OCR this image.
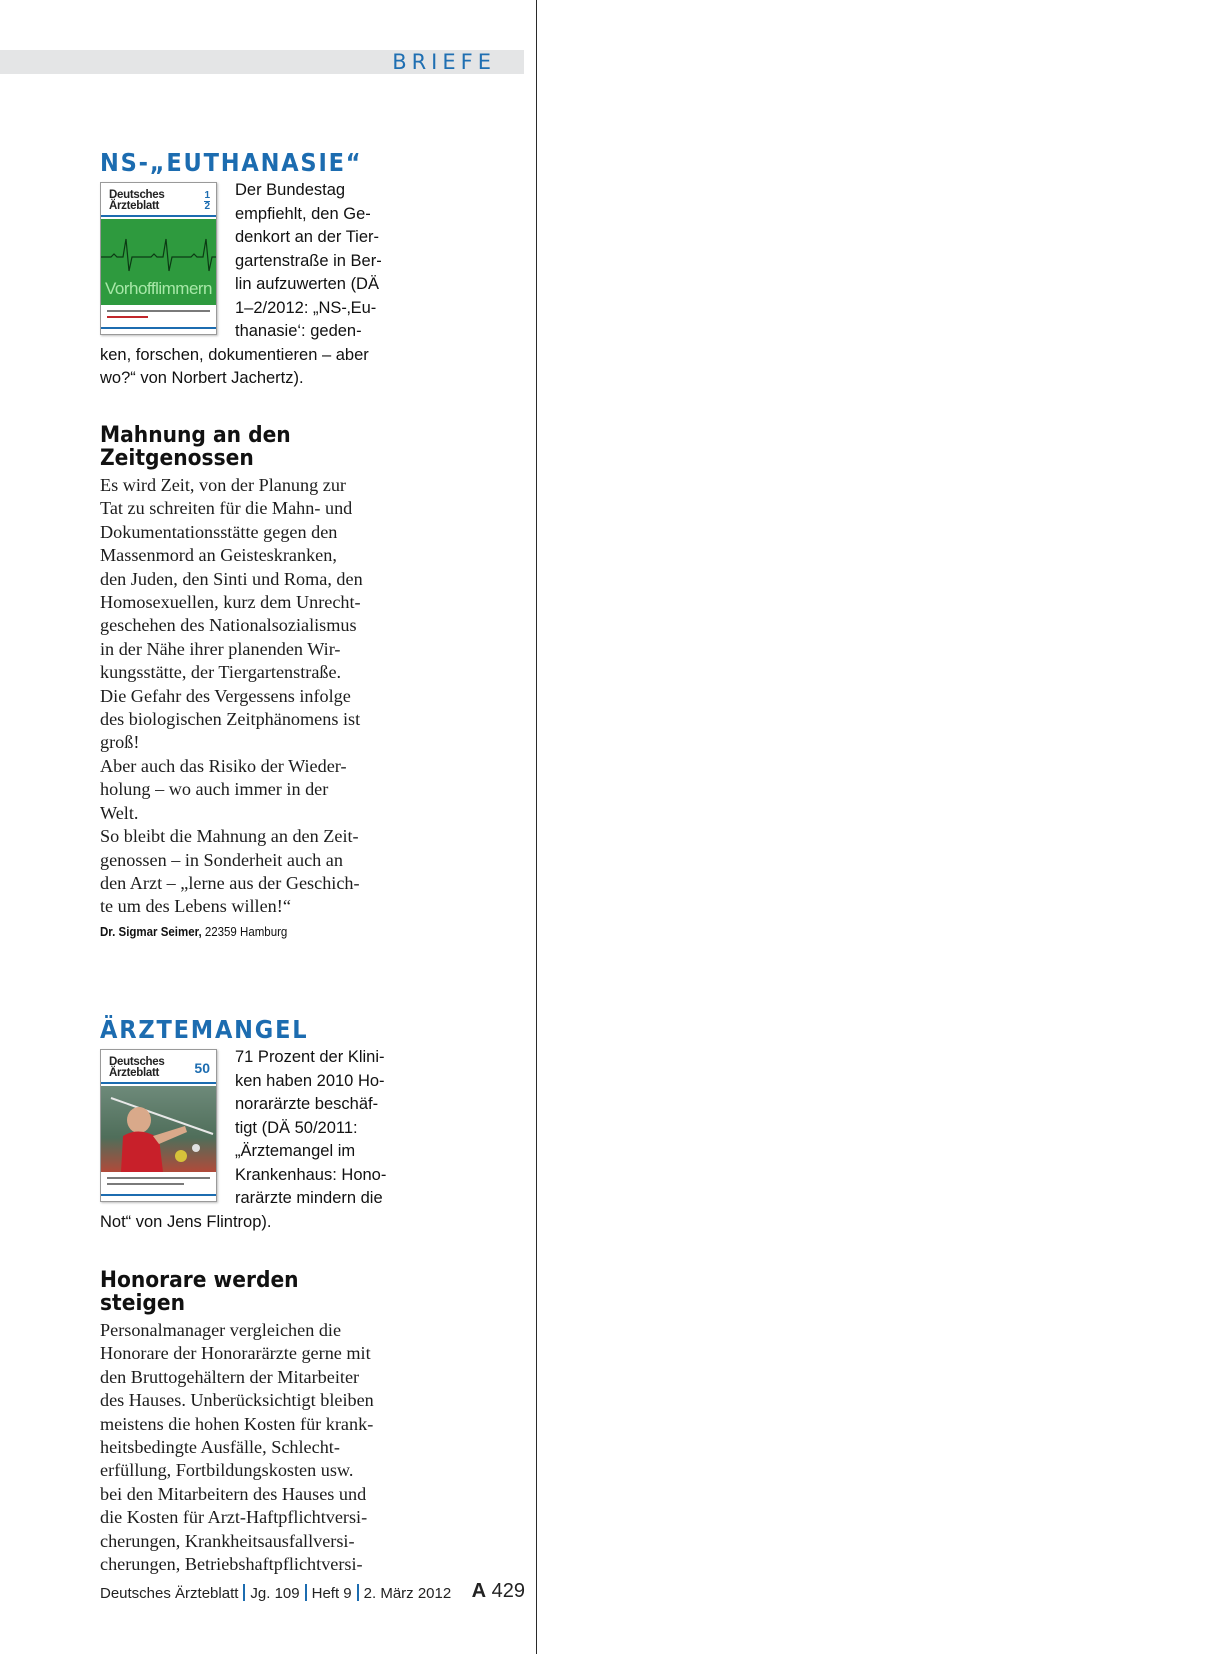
BRIEFE
NS-„EUTHANASIE“
Deutsches
Ärzteblatt
1
2
Vorhofflimmern

Der Bundestag
empfiehlt, den Ge-
denkort an der Tier-
gartenstraße in Ber-
lin aufzuwerten (DÄ
1–2/2012: „NS-‚Eu-
thanasie‘: geden-
ken, forschen, dokumentieren – aber
wo?“ von Norbert Jachertz).

Mahnung an den
Zeitgenossen

Es wird Zeit, von der Planung zur
Tat zu schreiten für die Mahn- und
Dokumentationsstätte gegen den
Massenmord an Geisteskranken,
den Juden, den Sinti und Roma, den
Homosexuellen, kurz dem Unrecht-
geschehen des Nationalsozialismus
in der Nähe ihrer planenden Wir-
kungsstätte, der Tiergartenstraße.
Die Gefahr des Vergessens infolge
des biologischen Zeitphänomens ist
groß!
Aber auch das Risiko der Wieder-
holung – wo auch immer in der
Welt.
So bleibt die Mahnung an den Zeit-
genossen – in Sonderheit auch an
den Arzt – „lerne aus der Geschich-
te um des Lebens willen!“

Dr. Sigmar Seimer, 22359 Hamburg
ÄRZTEMANGEL
Deutsches
Ärzteblatt	50

71 Prozent der Klini-
ken haben 2010 Ho-
norarärzte beschäf-
tigt (DÄ 50/2011:
„Ärztemangel im
Krankenhaus: Hono-
rarärzte mindern die
Not“ von Jens Flintrop).

Honorare werden steigen

Personalmanager vergleichen die
Honorare der Honorarärzte gerne mit
den Bruttogehältern der Mitarbeiter
des Hauses. Unberücksichtigt bleiben
meistens die hohen Kosten für krank-
heitsbedingte Ausfälle, Schlecht-
erfüllung, Fortbildungskosten usw.
bei den Mitarbeitern des Hauses und
die Kosten für Arzt-Haftpflichtversi-
cherungen, Krankheitsausfallversi-
cherungen, Betriebshaftpflichtversi-

Deutsches Ärzteblatt Jg. 109 Heft 9 2. März 2012 A 429
